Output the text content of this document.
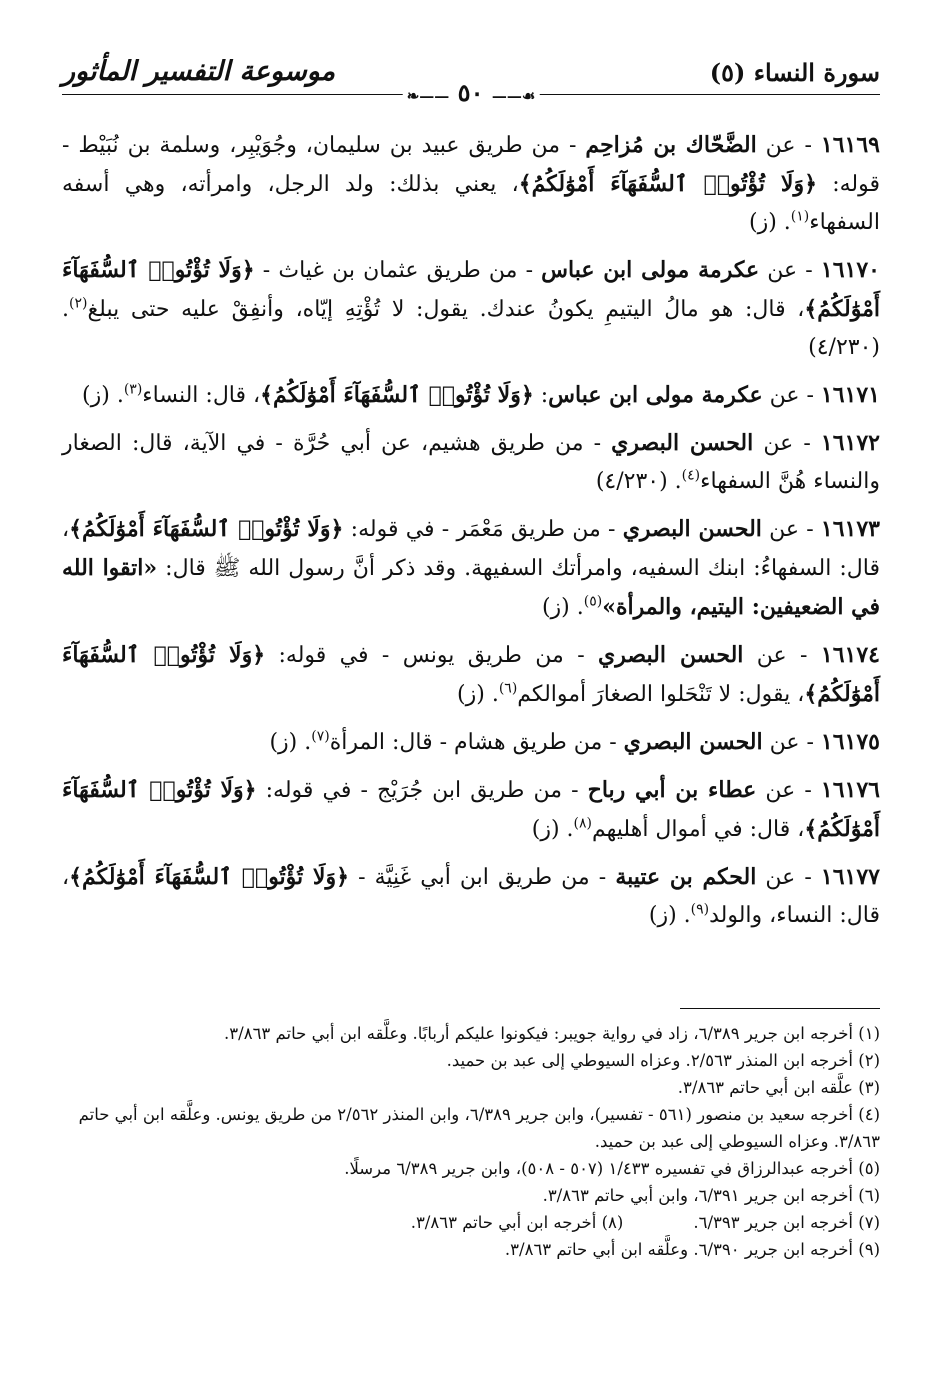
سورة النساء (٥)
موسوعة التفسير المأثور
❧—— ٥٠ ——☙

١٦١٦٩ - عن الضَّحّاك بن مُزاحِم - من طريق عبيد بن سليمان، وجُوَيْبِر، وسلمة بن نُبَيْط - قوله: ﴿وَلَا تُؤْتُوا۟ ٱلسُّفَهَآءَ أَمْوَٰلَكُمُ﴾، يعني بذلك: ولد الرجل، وامرأته، وهي أسفه السفهاء$^{(١)}$. (ز)

١٦١٧٠ - عن عكرمة مولى ابن عباس - من طريق عثمان بن غياث - ﴿وَلَا تُؤْتُوا۟ ٱلسُّفَهَآءَ أَمْوَٰلَكُمُ﴾، قال: هو مالُ اليتيمِ يكونُ عندك. يقول: لا تُؤْتِهِ إيّاه، وأنفِقْ عليه حتى يبلغ$^{(٢)}$. (٤/٢٣٠)

١٦١٧١ - عن عكرمة مولى ابن عباس: ﴿وَلَا تُؤْتُوا۟ ٱلسُّفَهَآءَ أَمْوَٰلَكُمُ﴾، قال: النساء$^{(٣)}$. (ز)

١٦١٧٢ - عن الحسن البصري - من طريق هشيم، عن أبي حُرَّة - في الآية، قال: الصغار والنساء هُنَّ السفهاء$^{(٤)}$. (٤/٢٣٠)

١٦١٧٣ - عن الحسن البصري - من طريق مَعْمَر - في قوله: ﴿وَلَا تُؤْتُوا۟ ٱلسُّفَهَآءَ أَمْوَٰلَكُمُ﴾، قال: السفهاءُ: ابنك السفيه، وامرأتك السفيهة. وقد ذكر أنَّ رسول الله ﷺ قال: «اتقوا الله في الضعيفين: اليتيم، والمرأة»$^{(٥)}$. (ز)

١٦١٧٤ - عن الحسن البصري - من طريق يونس - في قوله: ﴿وَلَا تُؤْتُوا۟ ٱلسُّفَهَآءَ أَمْوَٰلَكُمُ﴾، يقول: لا تَنْحَلوا الصغارَ أموالكم$^{(٦)}$. (ز)

١٦١٧٥ - عن الحسن البصري - من طريق هشام - قال: المرأة$^{(٧)}$. (ز)

١٦١٧٦ - عن عطاء بن أبي رباح - من طريق ابن جُرَيْج - في قوله: ﴿وَلَا تُؤْتُوا۟ ٱلسُّفَهَآءَ أَمْوَٰلَكُمُ﴾، قال: في أموال أهليهم$^{(٨)}$. (ز)

١٦١٧٧ - عن الحكم بن عتيبة - من طريق ابن أبي غَنِيَّة - ﴿وَلَا تُؤْتُوا۟ ٱلسُّفَهَآءَ أَمْوَٰلَكُمُ﴾، قال: النساء، والولد$^{(٩)}$. (ز)

(١) أخرجه ابن جرير ٦/٣٨٩، زاد في رواية جويبر: فيكونوا عليكم أربابًا. وعلَّقه ابن أبي حاتم ٣/٨٦٣.

(٢) أخرجه ابن المنذر ٢/٥٦٣. وعزاه السيوطي إلى عبد بن حميد.

(٣) علَّقه ابن أبي حاتم ٣/٨٦٣.

(٤) أخرجه سعيد بن منصور (٥٦١ - تفسير)، وابن جرير ٦/٣٨٩، وابن المنذر ٢/٥٦٢ من طريق يونس. وعلَّقه ابن أبي حاتم ٣/٨٦٣. وعزاه السيوطي إلى عبد بن حميد.

(٥) أخرجه عبدالرزاق في تفسيره ١/٤٣٣ (٥٠٧ - ٥٠٨)، وابن جرير ٦/٣٨٩ مرسلًا.

(٦) أخرجه ابن جرير ٦/٣٩١، وابن أبي حاتم ٣/٨٦٣.

(٧) أخرجه ابن جرير ٦/٣٩٣.
(٨) أخرجه ابن أبي حاتم ٣/٨٦٣.

(٩) أخرجه ابن جرير ٦/٣٩٠. وعلَّقه ابن أبي حاتم ٣/٨٦٣.
